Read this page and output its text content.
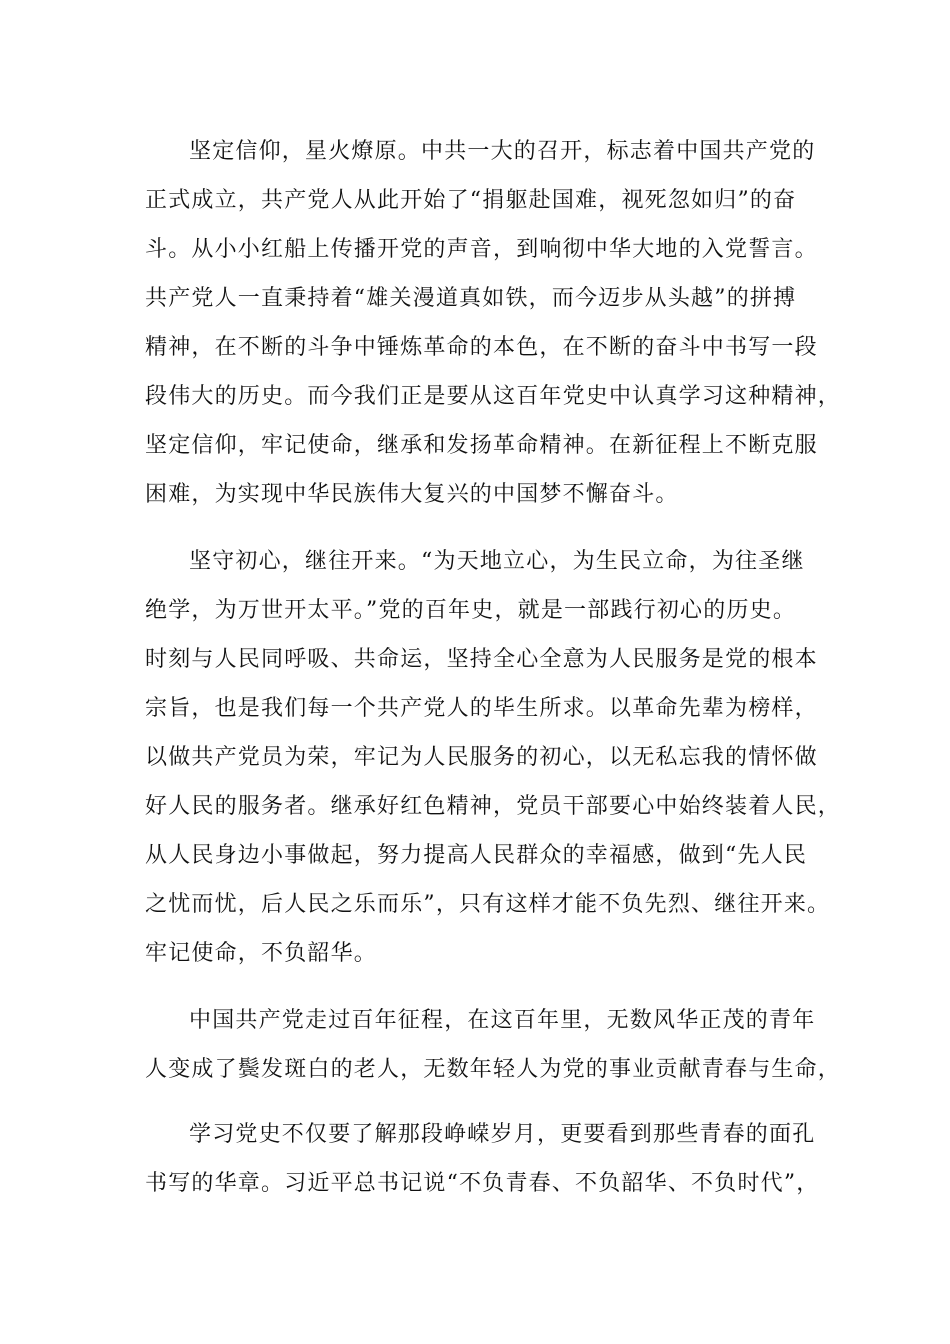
坚定信仰，星火燎原。中共一大的召开，标志着中国共产党的
正式成立，共产党人从此开始了“捐躯赴国难，视死忽如归”的奋
斗。从小小红船上传播开党的声音，到响彻中华大地的入党誓言。
共产党人一直秉持着“雄关漫道真如铁，而今迈步从头越”的拼搏
精神，在不断的斗争中锤炼革命的本色，在不断的奋斗中书写一段
段伟大的历史。而今我们正是要从这百年党史中认真学习这种精神，
坚定信仰，牢记使命，继承和发扬革命精神。在新征程上不断克服
困难，为实现中华民族伟大复兴的中国梦不懈奋斗。
坚守初心，继往开来。“为天地立心，为生民立命，为往圣继
绝学，为万世开太平。”党的百年史，就是一部践行初心的历史。
时刻与人民同呼吸、共命运，坚持全心全意为人民服务是党的根本
宗旨，也是我们每一个共产党人的毕生所求。以革命先辈为榜样，
以做共产党员为荣，牢记为人民服务的初心，以无私忘我的情怀做
好人民的服务者。继承好红色精神，党员干部要心中始终装着人民，
从人民身边小事做起，努力提高人民群众的幸福感，做到“先人民
之忧而忧，后人民之乐而乐”，只有这样才能不负先烈、继往开来。
牢记使命，不负韶华。
中国共产党走过百年征程，在这百年里，无数风华正茂的青年
人变成了鬓发斑白的老人，无数年轻人为党的事业贡献青春与生命，
学习党史不仅要了解那段峥嵘岁月，更要看到那些青春的面孔
书写的华章。习近平总书记说“不负青春、不负韶华、不负时代”，
